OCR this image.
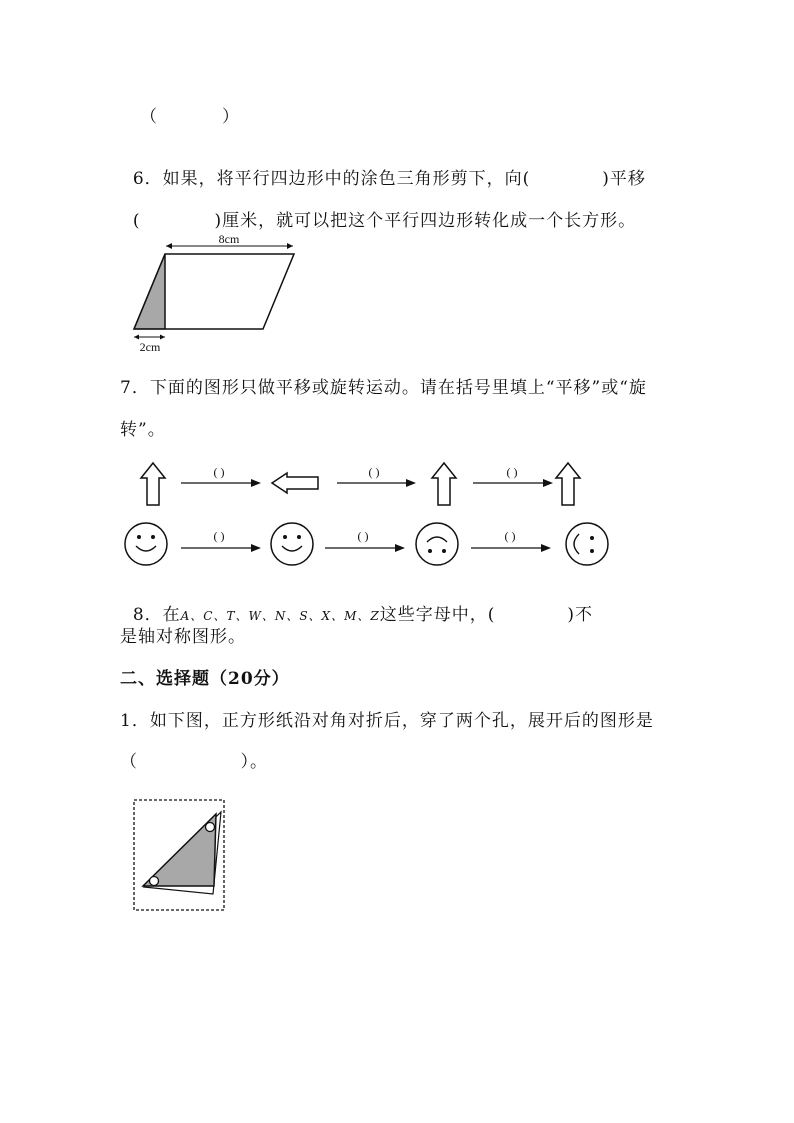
（          ）

6．如果，将平行四边形中的涂色三角形剪下，向(	)平移

(	)厘米，就可以把这个平行四边形转化成一个长方形。

8cm
2cm
( )	( )	( )
( )	( )	( )
7．下面的图形只做平移或旋转运动。请在括号里填上“平移”或“旋
转”。

8．在A、C、T、W、N、S、X、M、Z这些字母中，(	)不

是轴对称图形。
二、选择题（20分）
1．如下图，正方形纸沿对角对折后，穿了两个孔，展开后的图形是
（                ）。
